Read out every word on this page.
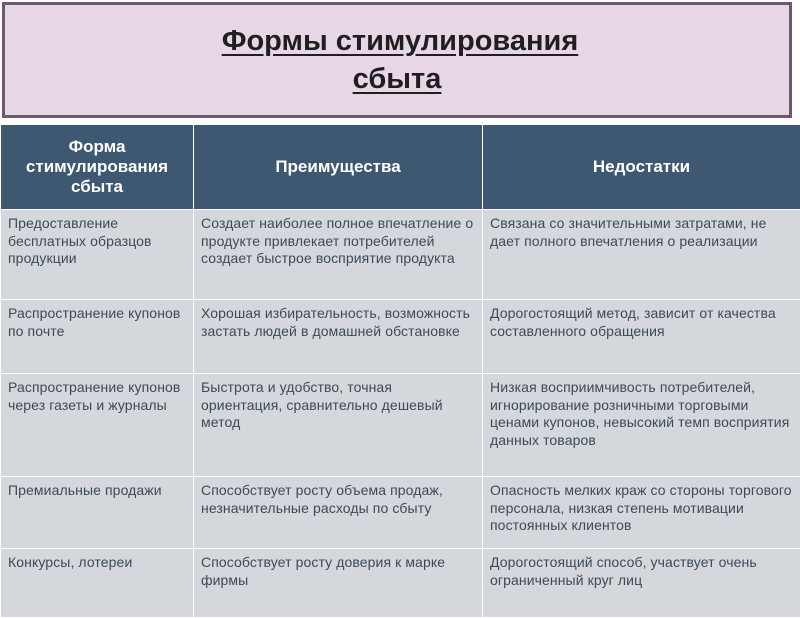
Формы стимулирования
сбыта
Форма стимулирования сбыта	Преимущества	Недостатки
Предоставление бесплатных образцов продукции	Создает наиболее полное впечатление о продукте привлекает потребителей создает быстрое восприятие продукта	Связана со значительными затратами, не дает полного впечатления о реализации
Распространение купонов по почте	Хорошая избирательность, возможность застать людей в домашней обстановке	Дорогостоящий метод, зависит от качества составленного обращения
Распространение купонов через газеты и журналы	Быстрота и удобство, точная ориентация, сравнительно дешевый метод	Низкая восприимчивость потребителей, игнорирование розничными торговыми ценами купонов, невысокий темп восприятия данных товаров
Премиальные продажи	Способствует росту объема продаж, незначительные расходы по сбыту	Опасность мелких краж со стороны торгового персонала, низкая степень мотивации постоянных клиентов
Конкурсы, лотереи	Способствует росту доверия к марке фирмы	Дорогостоящий способ, участвует очень ограниченный круг лиц
